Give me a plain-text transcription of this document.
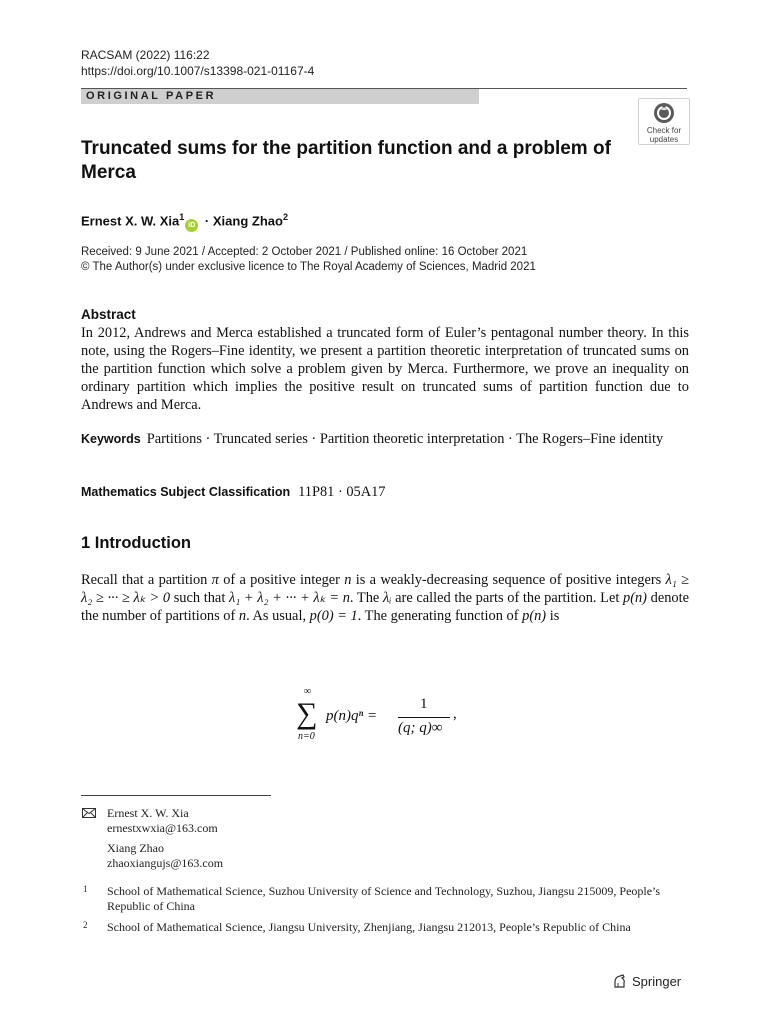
RACSAM (2022) 116:22
https://doi.org/10.1007/s13398-021-01167-4
ORIGINAL PAPER
Check for
updates
Truncated sums for the partition function and a problem of Merca
Ernest X. W. Xia$^1$iD · Xiang Zhao$^2$
Received: 9 June 2021 / Accepted: 2 October 2021 / Published online: 16 October 2021
© The Author(s) under exclusive licence to The Royal Academy of Sciences, Madrid 2021
Abstract
In 2012, Andrews and Merca established a truncated form of Euler’s pentagonal number theory. In this note, using the Rogers–Fine identity, we present a partition theoretic interpretation of truncated sums on the partition function which solve a problem given by Merca. Furthermore, we prove an inequality on ordinary partition which implies the positive result on truncated sums of partition function due to Andrews and Merca.
Keywords Partitions · Truncated series · Partition theoretic interpretation · The Rogers–Fine identity
Mathematics Subject Classification 11P81 · 05A17
1 Introduction
Recall that a partition π of a positive integer n is a weakly-decreasing sequence of positive integers λ₁ ≥ λ₂ ≥ ··· ≥ λₖ > 0 such that λ₁ + λ₂ + ··· + λₖ = n. The λᵢ are called the parts of the partition. Let p(n) denote the number of partitions of n. As usual, p(0) = 1. The generating function of p(n) is
∞
∑
n=0
p(n)qⁿ =
1
(q; q)∞
,
Ernest X. W. Xia
ernestxwxia@163.com
Xiang Zhao
zhaoxiangujs@163.com
1 School of Mathematical Science, Suzhou University of Science and Technology, Suzhou, Jiangsu 215009, People’s Republic of China
2 School of Mathematical Science, Jiangsu University, Zhenjiang, Jiangsu 212013, People’s Republic of China
Springer
